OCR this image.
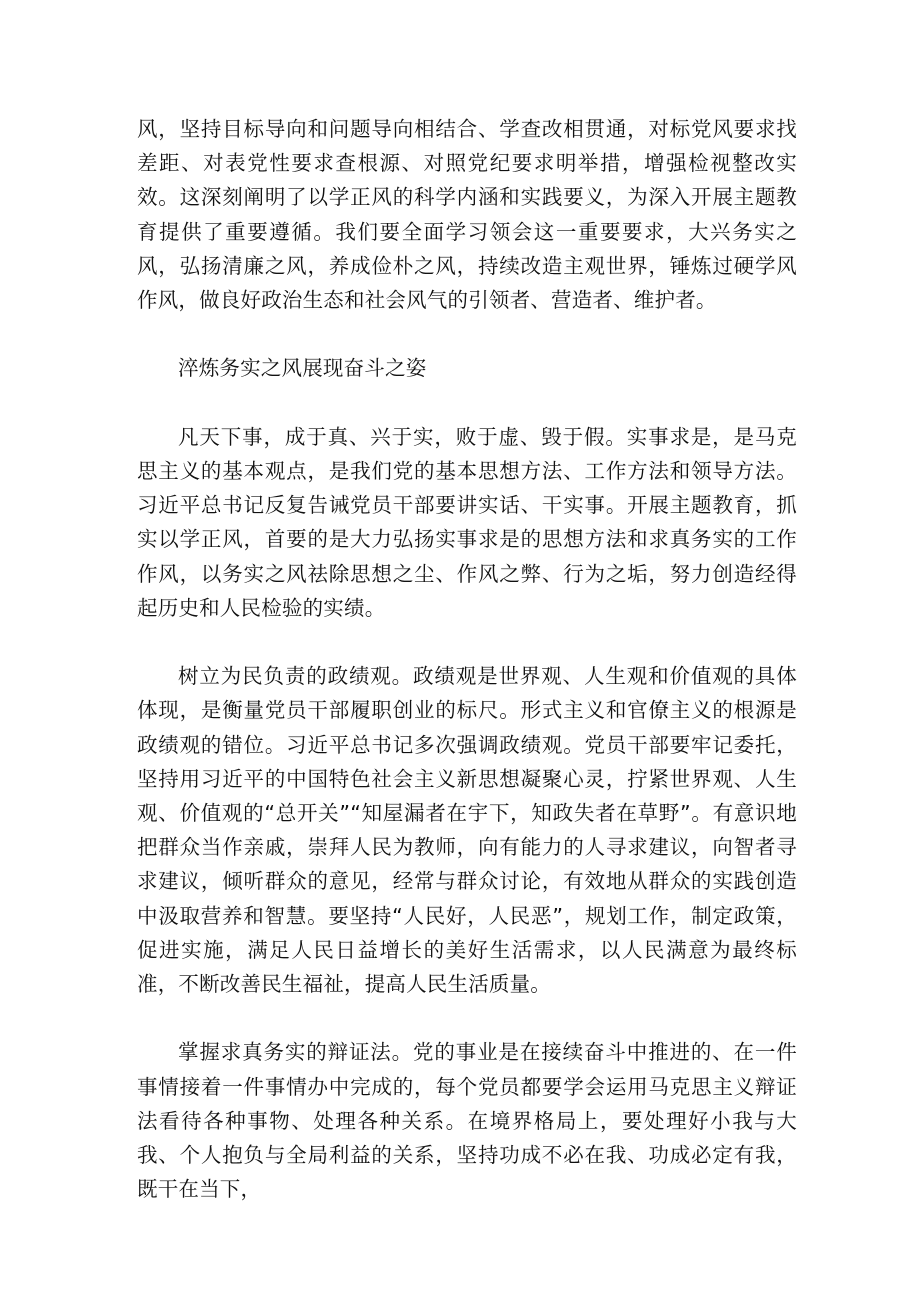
风，坚持目标导向和问题导向相结合、学查改相贯通，对标党风要求找差距、对表党性要求查根源、对照党纪要求明举措，增强检视整改实效。这深刻阐明了以学正风的科学内涵和实践要义，为深入开展主题教育提供了重要遵循。我们要全面学习领会这一重要要求，大兴务实之风，弘扬清廉之风，养成俭朴之风，持续改造主观世界，锤炼过硬学风作风，做良好政治生态和社会风气的引领者、营造者、维护者。

淬炼务实之风展现奋斗之姿

凡天下事，成于真、兴于实，败于虚、毁于假。实事求是，是马克思主义的基本观点，是我们党的基本思想方法、工作方法和领导方法。习近平总书记反复告诫党员干部要讲实话、干实事。开展主题教育，抓实以学正风，首要的是大力弘扬实事求是的思想方法和求真务实的工作作风，以务实之风祛除思想之尘、作风之弊、行为之垢，努力创造经得起历史和人民检验的实绩。

树立为民负责的政绩观。政绩观是世界观、人生观和价值观的具体体现，是衡量党员干部履职创业的标尺。形式主义和官僚主义的根源是政绩观的错位。习近平总书记多次强调政绩观。党员干部要牢记委托，坚持用习近平的中国特色社会主义新思想凝聚心灵，拧紧世界观、人生观、价值观的“总开关”“知屋漏者在宇下，知政失者在草野”。有意识地把群众当作亲戚，崇拜人民为教师，向有能力的人寻求建议，向智者寻求建议，倾听群众的意见，经常与群众讨论，有效地从群众的实践创造中汲取营养和智慧。要坚持“人民好，人民恶”，规划工作，制定政策，促进实施，满足人民日益增长的美好生活需求，以人民满意为最终标准，不断改善民生福祉，提高人民生活质量。

掌握求真务实的辩证法。党的事业是在接续奋斗中推进的、在一件事情接着一件事情办中完成的，每个党员都要学会运用马克思主义辩证法看待各种事物、处理各种关系。在境界格局上，要处理好小我与大我、个人抱负与全局利益的关系，坚持功成不必在我、功成必定有我，既干在当下，
